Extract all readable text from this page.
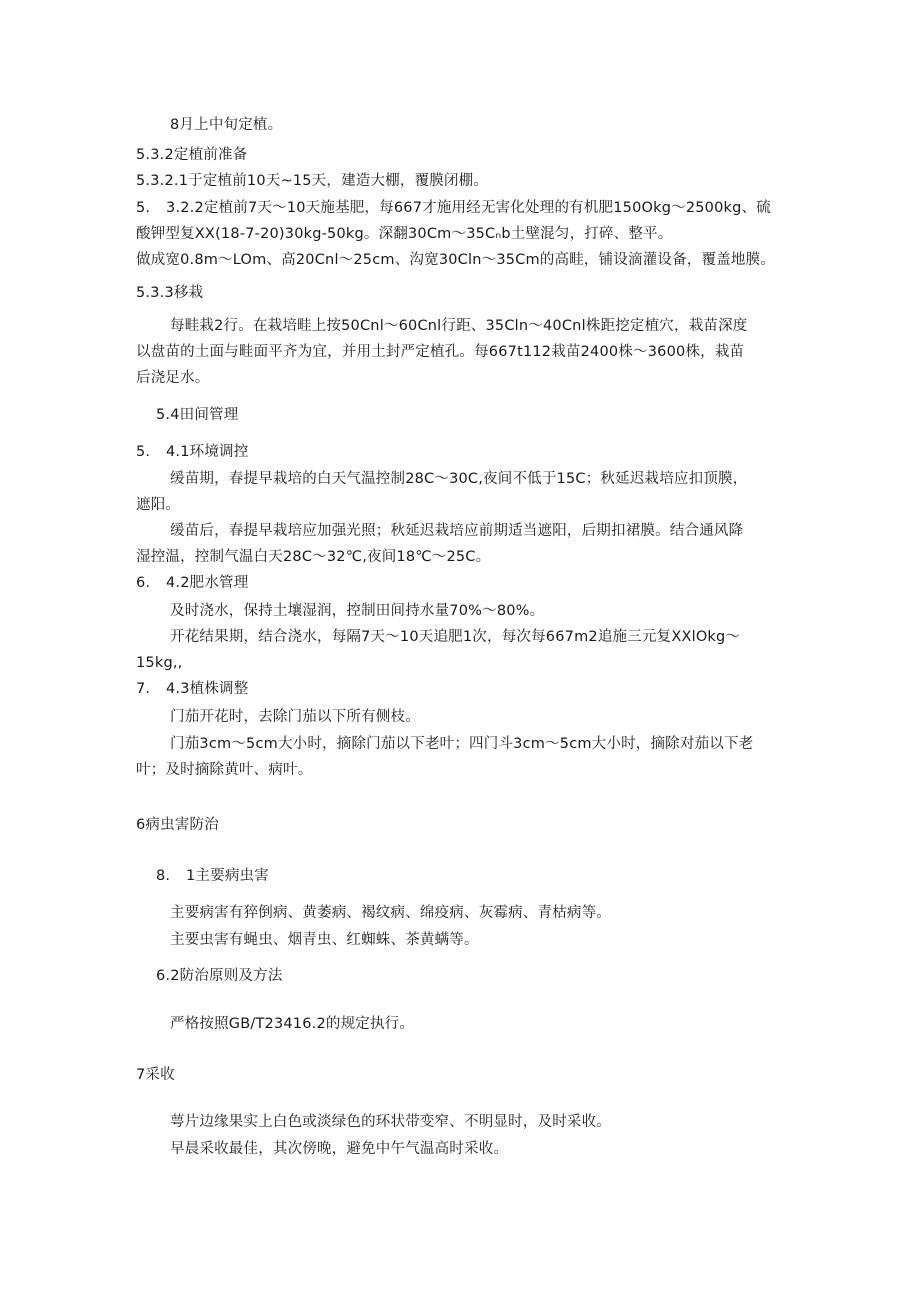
8月上中旬定植。
5.3.2定植前准备
5.3.2.1于定植前10天~15天，建造大棚，覆膜闭棚。
5. 3.2.2定植前7天～10天施基肥，每667才施用经无害化处理的有机肥150Okg～2500kg、硫
酸钾型复XX(18-7-20)30kg-50kg。深翻30Cm～35Cₙb土壁混匀，打碎、整平。
做成宽0.8m～LOm、高20Cnl～25cm、沟宽30Cln～35Cm的高畦，铺设滴灌设备，覆盖地膜。
5.3.3移栽
每畦栽2行。在栽培畦上按50Cnl～60Cnl行距、35Cln～40Cnl株距挖定植穴，栽苗深度以盘苗的土面与畦面平齐为宜，并用土封严定植孔。每667t112栽苗2400株～3600株，栽苗后浇足水。
5.4田间管理
5. 4.1环境调控
缓苗期，春提早栽培的白天气温控制28C～30C,夜间不低于15C；秋延迟栽培应扣顶膜，遮阳。
缓苗后，春提早栽培应加强光照；秋延迟栽培应前期适当遮阳，后期扣裙膜。结合通风降湿控温，控制气温白天28C～32℃,夜间18℃～25C。
6. 4.2肥水管理
及时浇水，保持土壤湿润，控制田间持水量70%～80%。
开花结果期，结合浇水，每隔7天～10天追肥1次，每次每667m2追施三元复XXlOkg～15kg,,
7. 4.3植株调整
门茄开花时，去除门茄以下所有侧枝。
门茄3cm～5cm大小时，摘除门茄以下老叶；四门斗3cm～5cm大小时，摘除对茄以下老叶；及时摘除黄叶、病叶。
6病虫害防治
8. 1主要病虫害
主要病害有猝倒病、黄萎病、褐纹病、绵疫病、灰霉病、青枯病等。
主要虫害有蝇虫、烟青虫、红蜘蛛、茶黄螨等。
6.2防治原则及方法
严格按照GB/T23416.2的规定执行。
7采收
萼片边缘果实上白色或淡绿色的环状带变窄、不明显时，及时采收。
早晨采收最佳，其次傍晚，避免中午气温高时采收。
